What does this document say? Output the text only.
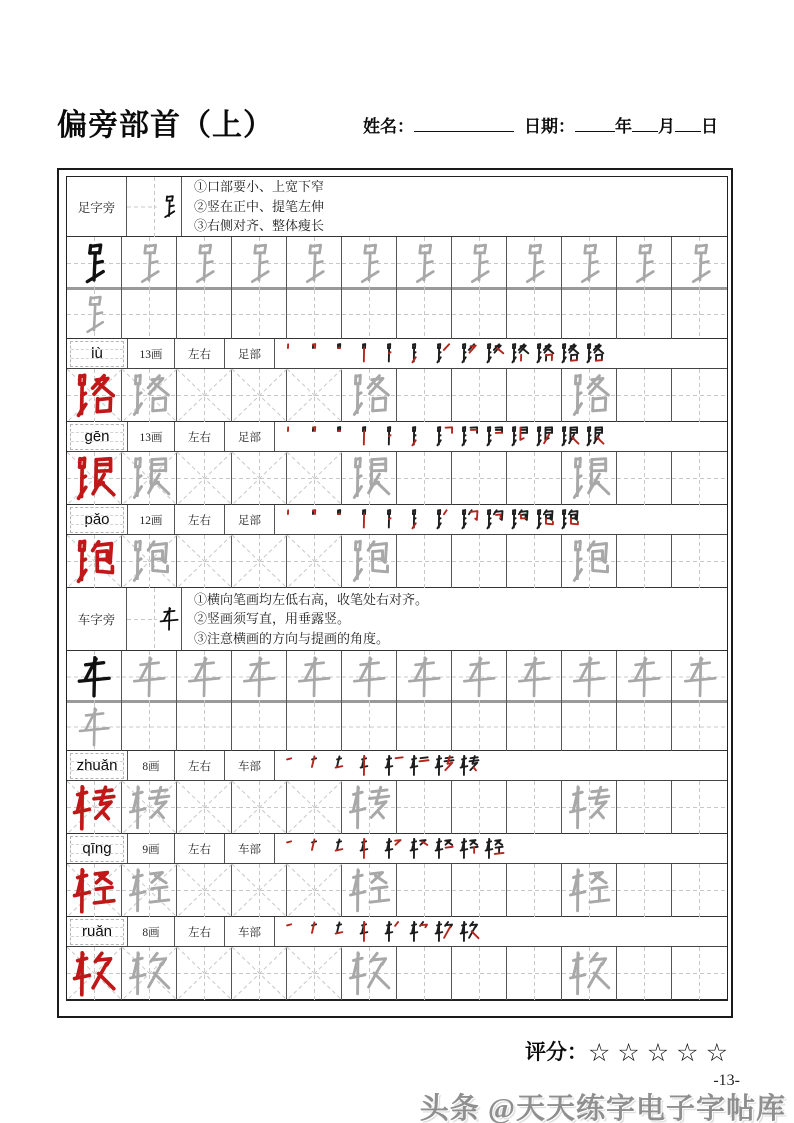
偏旁部首（上）	姓名：	日期： 年 月 日
足字旁
①口部要小、上宽下窄
②竖在正中、提笔左伸
③右侧对齐、整体瘦长
lù	13画	左右	足部
gēn	13画	左右	足部
pǎo	12画	左右	足部
车字旁
①横向笔画均左低右高，收笔处右对齐。
②竖画须写直，用垂露竖。
③注意横画的方向与提画的角度。
zhuǎn	8画	左右	车部
qīng	9画	左右	车部
ruǎn	8画	左右	车部
评分：☆☆☆☆☆
-13-
头条 @天天练字电子字帖库
